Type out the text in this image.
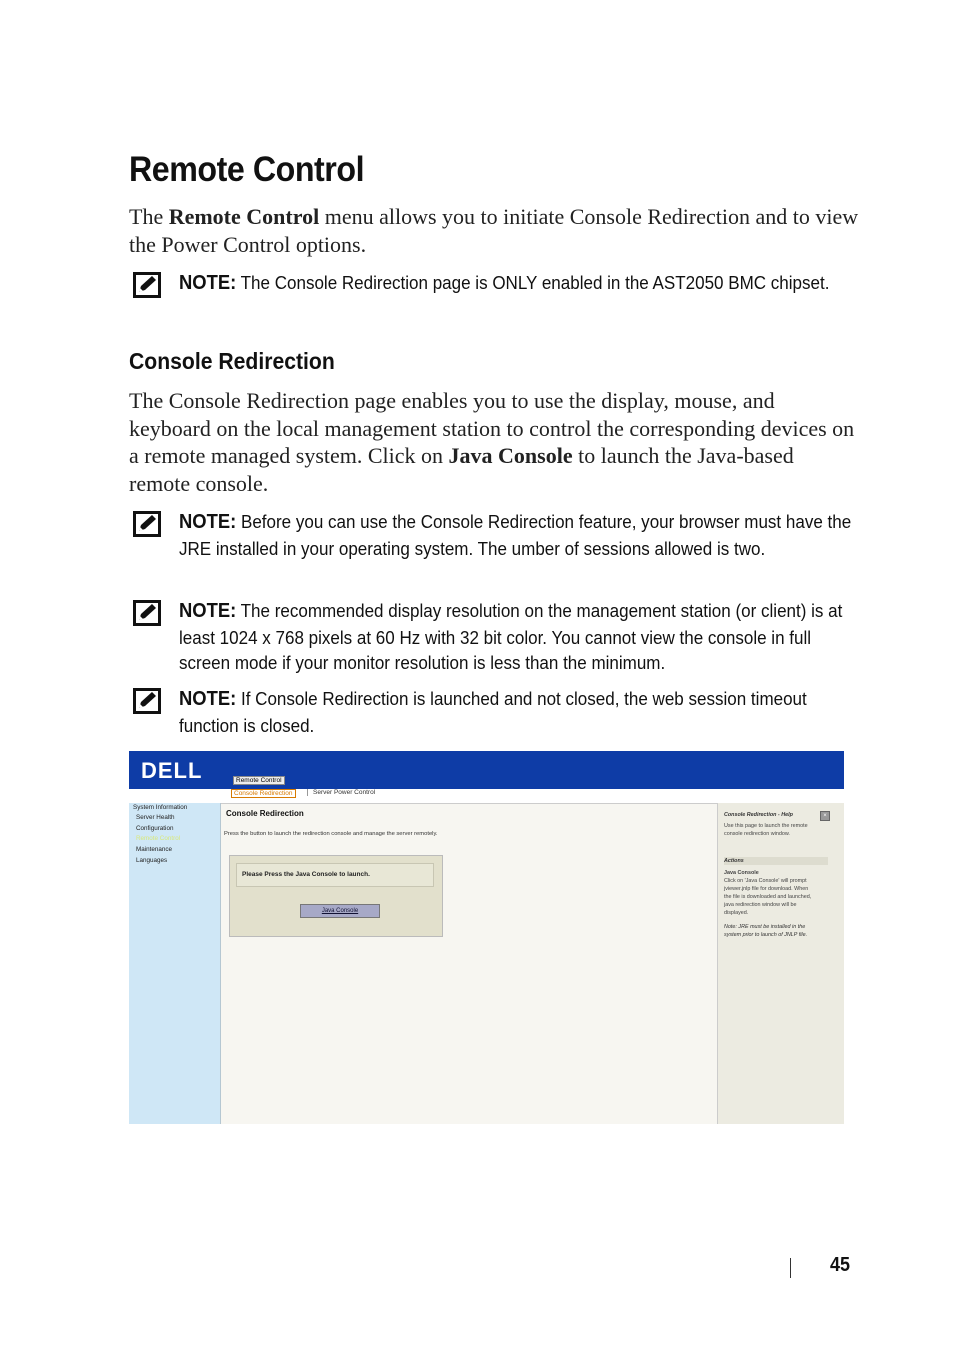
Remote Control
The Remote Control menu allows you to initiate Console Redirection and to view the Power Control options.
NOTE: The Console Redirection page is ONLY enabled in the AST2050 BMC chipset.
Console Redirection
The Console Redirection page enables you to use the display, mouse, and keyboard on the local management station to control the corresponding devices on a remote managed system. Click on Java Console to launch the Java-based remote console.
NOTE: Before you can use the Console Redirection feature, your browser must have the JRE installed in your operating system. The umber of sessions allowed is two.
NOTE: The recommended display resolution on the management station (or client) is at least 1024 x 768 pixels at 60 Hz with 32 bit color. You cannot view the console in full screen mode if your monitor resolution is less than the minimum.
NOTE: If Console Redirection is launched and not closed, the web session timeout function is closed.
DELL	Remote Control
Console Redirection	Server Power Control
System Information
Server Health
Configuration
Remote Control
Maintenance
Languages
Console Redirection
Press the button to launch the redirection console and manage the server remotely.
Please Press the Java Console to launch.
Java Console
Console Redirection - Help	×
Use this page to launch the remote
console redirection window.
Actions
Java Console
Click on 'Java Console' will prompt
jviewer.jnlp file for download. When
the file is downloaded and launched,
java redirection window will be
displayed.
Note: JRE must be installed in the
system prior to launch of JNLP file.
45
